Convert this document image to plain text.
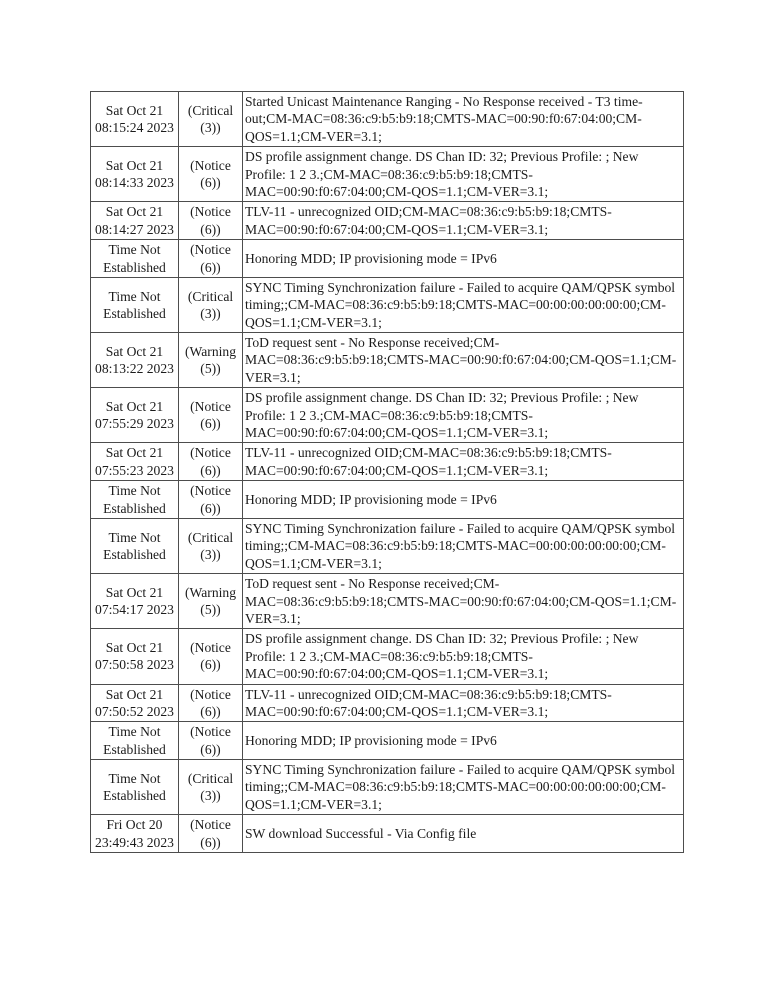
Sat Oct 21 08:15:24 2023	(Critical (3))	Started Unicast Maintenance Ranging - No Response received - T3 time-out;CM-MAC=08:36:c9:b5:b9:18;CMTS-MAC=00:90:f0:67:04:00;CM-QOS=1.1;CM-VER=3.1;
Sat Oct 21 08:14:33 2023	(Notice (6))	DS profile assignment change. DS Chan ID: 32; Previous Profile: ; New Profile: 1 2 3.;CM-MAC=08:36:c9:b5:b9:18;CMTS-MAC=00:90:f0:67:04:00;CM-QOS=1.1;CM-VER=3.1;
Sat Oct 21 08:14:27 2023	(Notice (6))	TLV-11 - unrecognized OID;CM-MAC=08:36:c9:b5:b9:18;CMTS-MAC=00:90:f0:67:04:00;CM-QOS=1.1;CM-VER=3.1;
Time Not Established	(Notice (6))	Honoring MDD; IP provisioning mode = IPv6
Time Not Established	(Critical (3))	SYNC Timing Synchronization failure - Failed to acquire QAM/QPSK symbol timing;;CM-MAC=08:36:c9:b5:b9:18;CMTS-MAC=00:00:00:00:00:00;CM-QOS=1.1;CM-VER=3.1;
Sat Oct 21 08:13:22 2023	(Warning (5))	ToD request sent - No Response received;CM-MAC=08:36:c9:b5:b9:18;CMTS-MAC=00:90:f0:67:04:00;CM-QOS=1.1;CM-VER=3.1;
Sat Oct 21 07:55:29 2023	(Notice (6))	DS profile assignment change. DS Chan ID: 32; Previous Profile: ; New Profile: 1 2 3.;CM-MAC=08:36:c9:b5:b9:18;CMTS-MAC=00:90:f0:67:04:00;CM-QOS=1.1;CM-VER=3.1;
Sat Oct 21 07:55:23 2023	(Notice (6))	TLV-11 - unrecognized OID;CM-MAC=08:36:c9:b5:b9:18;CMTS-MAC=00:90:f0:67:04:00;CM-QOS=1.1;CM-VER=3.1;
Time Not Established	(Notice (6))	Honoring MDD; IP provisioning mode = IPv6
Time Not Established	(Critical (3))	SYNC Timing Synchronization failure - Failed to acquire QAM/QPSK symbol timing;;CM-MAC=08:36:c9:b5:b9:18;CMTS-MAC=00:00:00:00:00:00;CM-QOS=1.1;CM-VER=3.1;
Sat Oct 21 07:54:17 2023	(Warning (5))	ToD request sent - No Response received;CM-MAC=08:36:c9:b5:b9:18;CMTS-MAC=00:90:f0:67:04:00;CM-QOS=1.1;CM-VER=3.1;
Sat Oct 21 07:50:58 2023	(Notice (6))	DS profile assignment change. DS Chan ID: 32; Previous Profile: ; New Profile: 1 2 3.;CM-MAC=08:36:c9:b5:b9:18;CMTS-MAC=00:90:f0:67:04:00;CM-QOS=1.1;CM-VER=3.1;
Sat Oct 21 07:50:52 2023	(Notice (6))	TLV-11 - unrecognized OID;CM-MAC=08:36:c9:b5:b9:18;CMTS-MAC=00:90:f0:67:04:00;CM-QOS=1.1;CM-VER=3.1;
Time Not Established	(Notice (6))	Honoring MDD; IP provisioning mode = IPv6
Time Not Established	(Critical (3))	SYNC Timing Synchronization failure - Failed to acquire QAM/QPSK symbol timing;;CM-MAC=08:36:c9:b5:b9:18;CMTS-MAC=00:00:00:00:00:00;CM-QOS=1.1;CM-VER=3.1;
Fri Oct 20 23:49:43 2023	(Notice (6))	SW download Successful - Via Config file
